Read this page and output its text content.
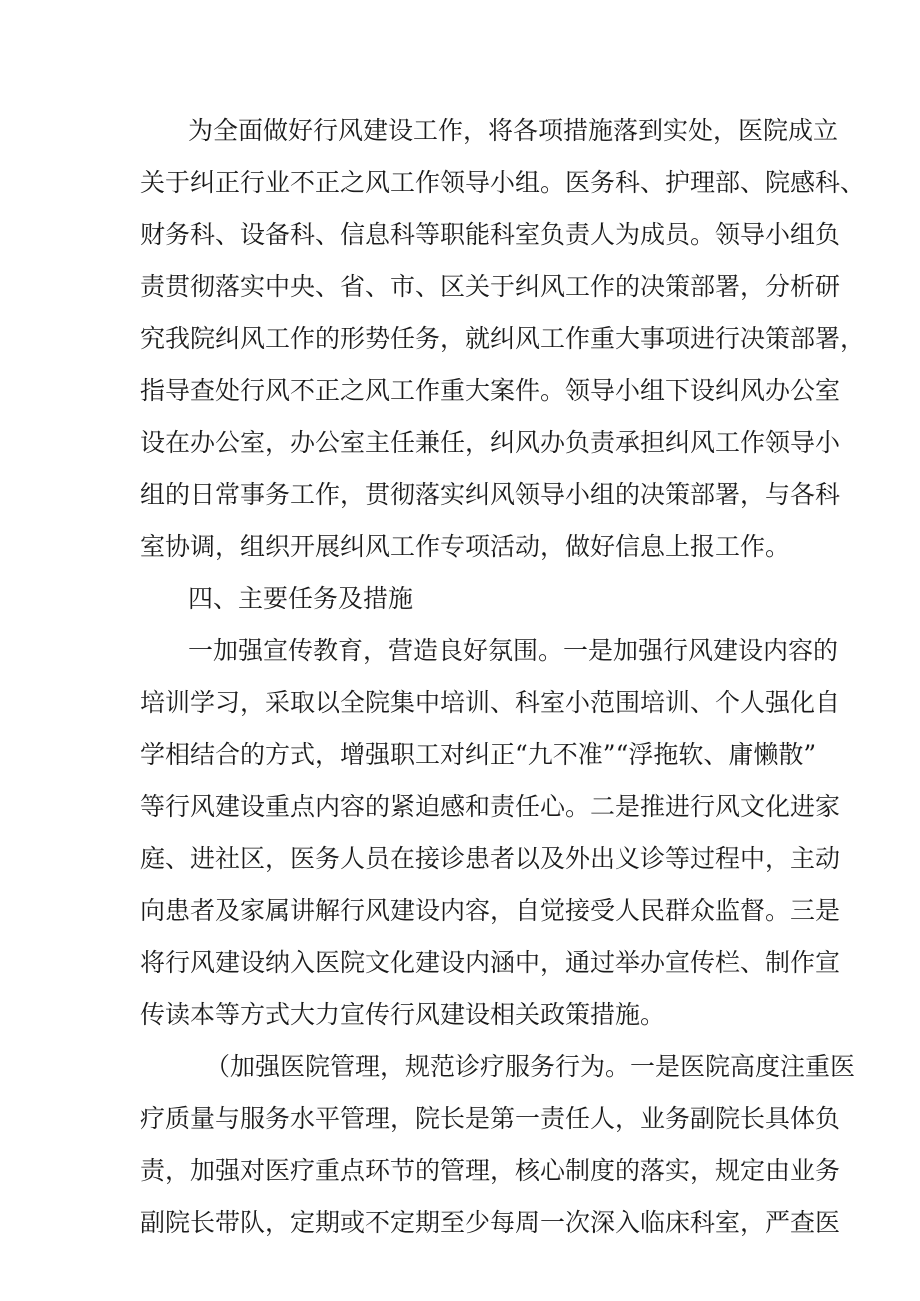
为全面做好行风建设工作，将各项措施落到实处，医院成立

关于纠正行业不正之风工作领导小组。医务科、护理部、院感科、

财务科、设备科、信息科等职能科室负责人为成员。领导小组负

责贯彻落实中央、省、市、区关于纠风工作的决策部署，分析研

究我院纠风工作的形势任务，就纠风工作重大事项进行决策部署，

指导查处行风不正之风工作重大案件。领导小组下设纠风办公室

设在办公室，办公室主任兼任，纠风办负责承担纠风工作领导小

组的日常事务工作，贯彻落实纠风领导小组的决策部署，与各科

室协调，组织开展纠风工作专项活动，做好信息上报工作。

四、主要任务及措施

一加强宣传教育，营造良好氛围。一是加强行风建设内容的

培训学习，采取以全院集中培训、科室小范围培训、个人强化自

学相结合的方式，增强职工对纠正“九不准”“浮拖软、庸懒散”

等行风建设重点内容的紧迫感和责任心。二是推进行风文化进家

庭、进社区，医务人员在接诊患者以及外出义诊等过程中，主动

向患者及家属讲解行风建设内容，自觉接受人民群众监督。三是

将行风建设纳入医院文化建设内涵中，通过举办宣传栏、制作宣

传读本等方式大力宣传行风建设相关政策措施。

（加强医院管理，规范诊疗服务行为。一是医院高度注重医

疗质量与服务水平管理，院长是第一责任人，业务副院长具体负

责，加强对医疗重点环节的管理，核心制度的落实，规定由业务

副院长带队，定期或不定期至少每周一次深入临床科室，严查医
